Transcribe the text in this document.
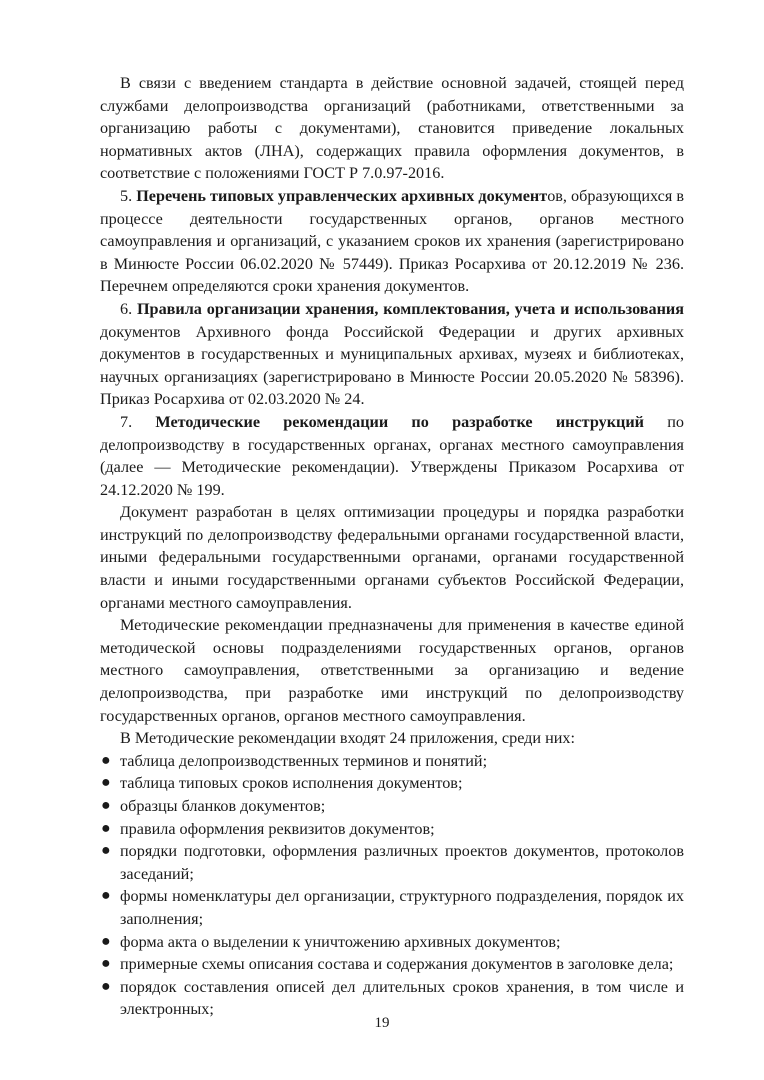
В связи с введением стандарта в действие основной задачей, стоящей перед службами делопроизводства организаций (работниками, ответственными за организацию работы с документами), становится приведение локальных нормативных актов (ЛНА), содержащих правила оформления документов, в соответствие с положениями ГОСТ Р 7.0.97-2016.

5. Перечень типовых управленческих архивных документов, образующихся в процессе деятельности государственных органов, органов местного самоуправления и организаций, с указанием сроков их хранения (зарегистрировано в Минюсте России 06.02.2020 № 57449). Приказ Росархива от 20.12.2019 № 236. Перечнем определяются сроки хранения документов.

6. Правила организации хранения, комплектования, учета и использования документов Архивного фонда Российской Федерации и других архивных документов в государственных и муниципальных архивах, музеях и библиотеках, научных организациях (зарегистрировано в Минюсте России 20.05.2020 № 58396). Приказ Росархива от 02.03.2020 № 24.

7. Методические рекомендации по разработке инструкций по делопроизводству в государственных органах, органах местного самоуправления (далее — Методические рекомендации). Утверждены Приказом Росархива от 24.12.2020 № 199.

Документ разработан в целях оптимизации процедуры и порядка разработки инструкций по делопроизводству федеральными органами государственной власти, иными федеральными государственными органами, органами государственной власти и иными государственными органами субъектов Российской Федерации, органами местного самоуправления.

Методические рекомендации предназначены для применения в качестве единой методической основы подразделениями государственных органов, органов местного самоуправления, ответственными за организацию и ведение делопроизводства, при разработке ими инструкций по делопроизводству государственных органов, органов местного самоуправления.

В Методические рекомендации входят 24 приложения, среди них:

● таблица делопроизводственных терминов и понятий;
● таблица типовых сроков исполнения документов;
● образцы бланков документов;
● правила оформления реквизитов документов;
● порядки подготовки, оформления различных проектов документов, протоколов заседаний;
● формы номенклатуры дел организации, структурного подразделения, порядок их заполнения;
● форма акта о выделении к уничтожению архивных документов;
● примерные схемы описания состава и содержания документов в заголовке дела;
● порядок составления описей дел длительных сроков хранения, в том числе и электронных;
19
